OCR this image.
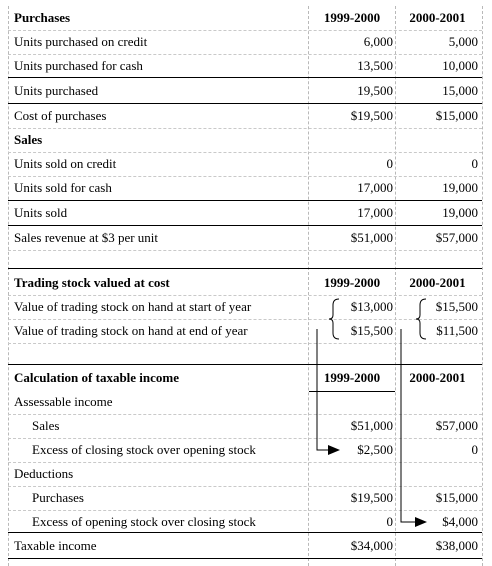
Purchases	1999-2000	2000-2001
Units purchased on credit	6,000	5,000
Units purchased for cash	13,500	10,000
Units purchased	19,500	15,000
Cost of purchases	$19,500	$15,000
Sales
Units sold on credit	0	0
Units sold for cash	17,000	19,000
Units sold	17,000	19,000
Sales revenue at $3 per unit	$51,000	$57,000
Trading stock valued at cost	1999-2000	2000-2001
Value of trading stock on hand at start of year	$13,000	$15,500
Value of trading stock on hand at end of year	$15,500	$11,500
Calculation of taxable income	1999-2000	2000-2001
Assessable income
Sales	$51,000	$57,000
Excess of closing stock over opening stock	$2,500	0
Deductions
Purchases	$19,500	$15,000
Excess of opening stock over closing stock	0	$4,000
Taxable income	$34,000	$38,000
